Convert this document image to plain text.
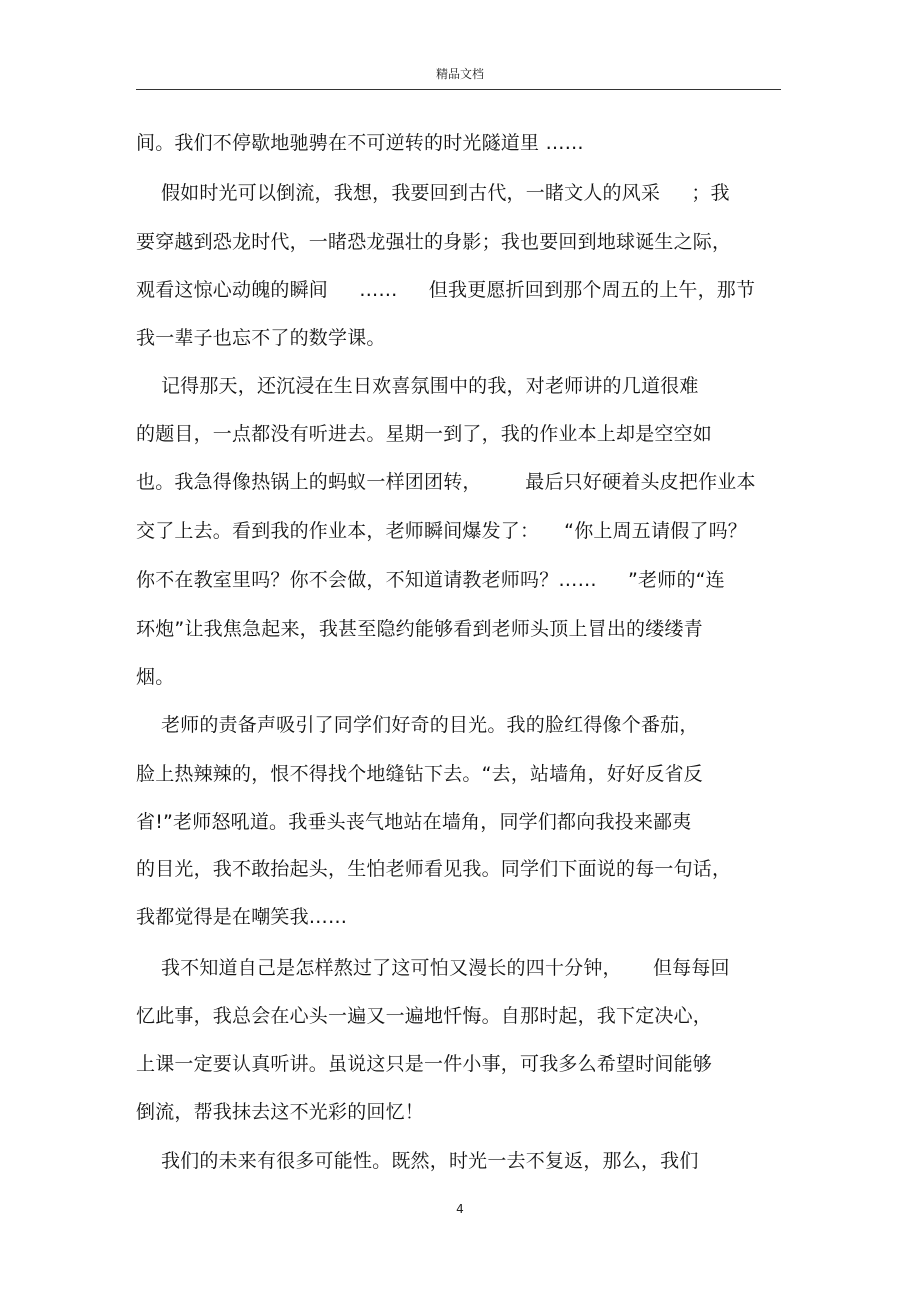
精品文档
间。我们不停歇地驰骋在不可逆转的时光隧道里 ……
假如时光可以倒流，我想，我要回到古代，一睹文人的风采     ；我
要穿越到恐龙时代，一睹恐龙强壮的身影；我也要回到地球诞生之际，
观看这惊心动魄的瞬间     ……     但我更愿折回到那个周五的上午，那节
我一辈子也忘不了的数学课。
记得那天，还沉浸在生日欢喜氛围中的我，对老师讲的几道很难
的题目，一点都没有听进去。星期一到了，我的作业本上却是空空如
也。我急得像热锅上的蚂蚁一样团团转，       最后只好硬着头皮把作业本
交了上去。看到我的作业本，老师瞬间爆发了：    “你上周五请假了吗？
你不在教室里吗？你不会做，不知道请教老师吗？……     ”老师的“连
环炮”让我焦急起来，我甚至隐约能够看到老师头顶上冒出的缕缕青
烟。
老师的责备声吸引了同学们好奇的目光。我的脸红得像个番茄，
脸上热辣辣的，恨不得找个地缝钻下去。“去，站墙角，好好反省反
省!”老师怒吼道。我垂头丧气地站在墙角，同学们都向我投来鄙夷
的目光，我不敢抬起头，生怕老师看见我。同学们下面说的每一句话，
我都觉得是在嘲笑我……
我不知道自己是怎样熬过了这可怕又漫长的四十分钟，     但每每回
忆此事，我总会在心头一遍又一遍地忏悔。自那时起，我下定决心，
上课一定要认真听讲。虽说这只是一件小事，可我多么希望时间能够
倒流，帮我抹去这不光彩的回忆！
我们的未来有很多可能性。既然，时光一去不复返，那么，我们
4
